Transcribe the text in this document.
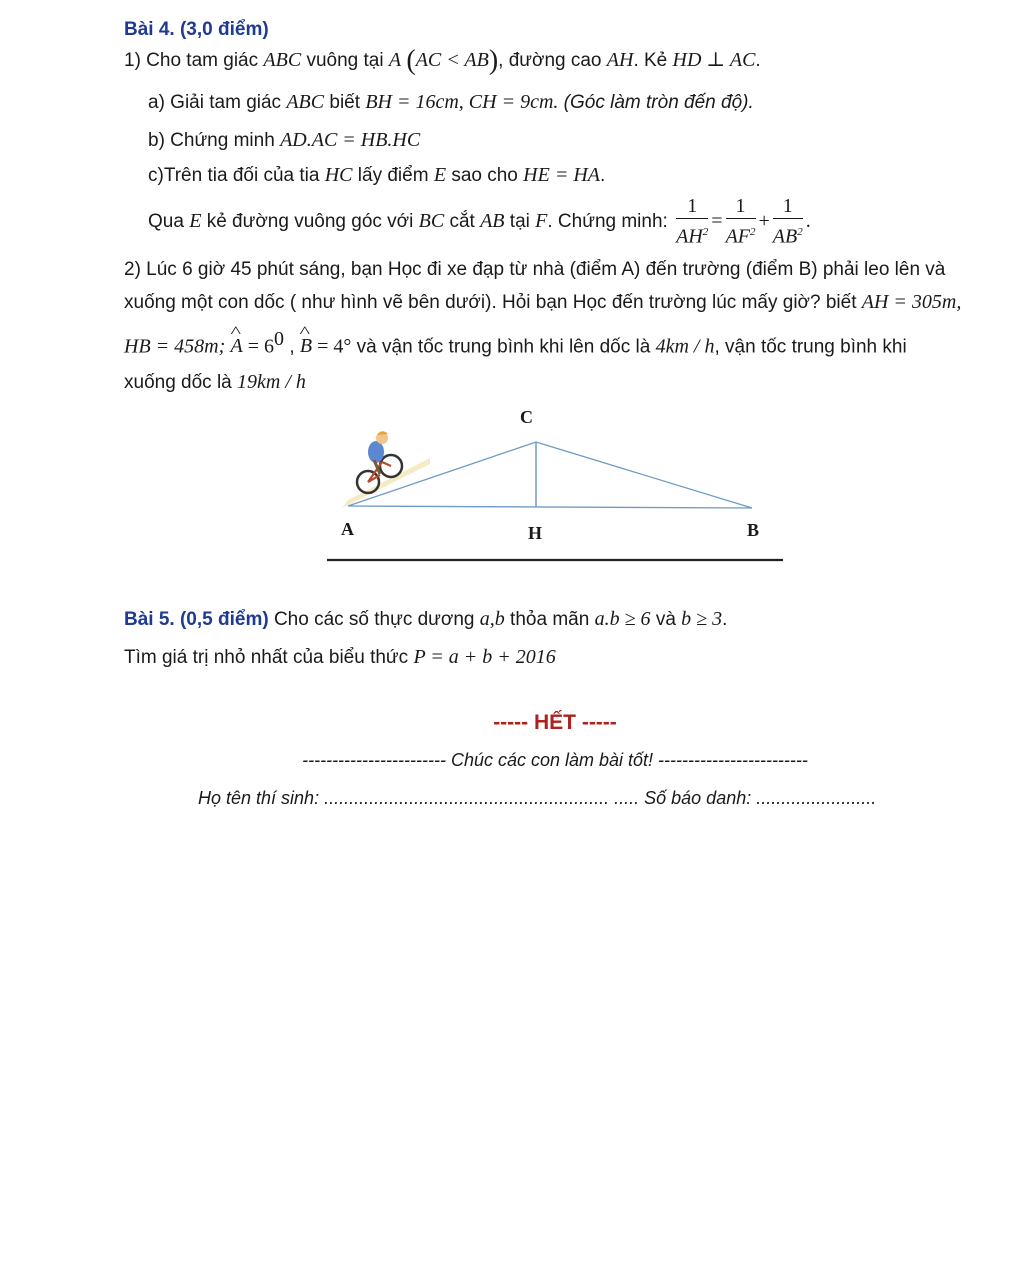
Bài 4. (3,0 điểm)
1) Cho tam giác ABC vuông tại A (AC < AB), đường cao AH. Kẻ HD ⊥ AC.
a) Giải tam giác ABC biết BH = 16cm, CH = 9cm. (Góc làm tròn đến độ).
b) Chứng minh AD.AC = HB.HC
c)Trên tia đối của tia HC lấy điểm E sao cho HE = HA.
Qua E kẻ đường vuông góc với BC cắt AB tại F. Chứng minh: $\frac{1}{AH^2} = \frac{1}{AF^2} + \frac{1}{AB^2}$ .
2) Lúc 6 giờ 45 phút sáng, bạn Học đi xe đạp từ nhà (điểm A) đến trường (điểm B) phải leo lên và
xuống một con dốc ( như hình vẽ bên dưới). Hỏi bạn Học đến trường lúc mấy giờ? biết AH = 305m,
HB = 458m; ^ $A = 6^0$ , ^ B = 4° và vận tốc trung bình khi lên dốc là 4km / h, vận tốc trung bình khi
xuống dốc là 19km / h
C
A	H	B
Bài 5. (0,5 điểm) Cho các số thực dương a,b thỏa mãn a.b ≥ 6 và b ≥ 3.
Tìm giá trị nhỏ nhất của biểu thức P = a + b + 2016
----- HẾT -----
------------------------ Chúc các con làm bài tốt! -------------------------
Họ tên thí sinh: ......................................................... ..... Số báo danh: ........................
